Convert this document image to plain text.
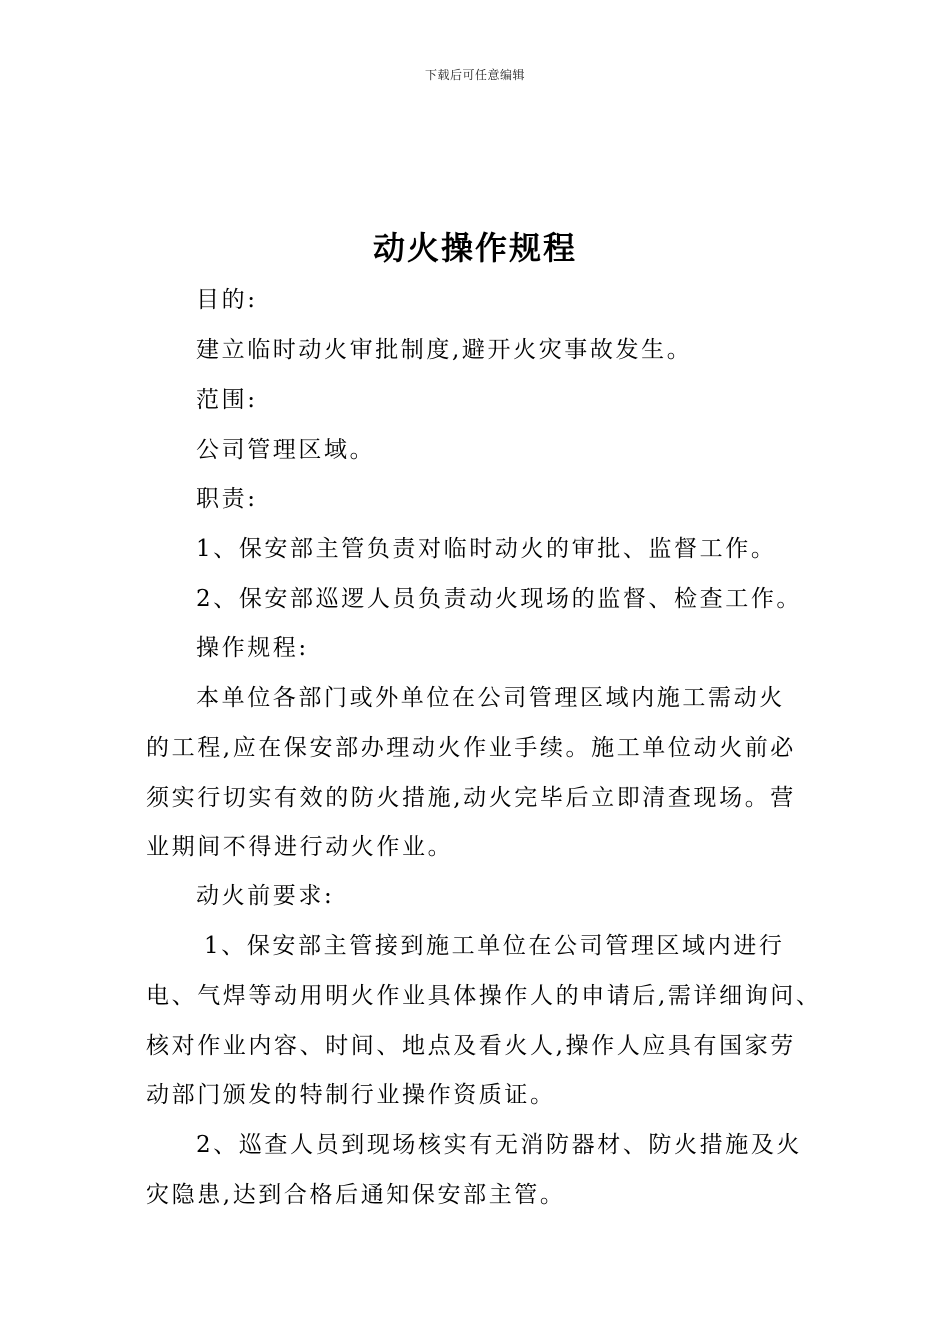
下载后可任意编辑
动火操作规程
目的:
建立临时动火审批制度,避开火灾事故发生。
范围:
公司管理区域。
职责:
1、保安部主管负责对临时动火的审批、监督工作。
2、保安部巡逻人员负责动火现场的监督、检查工作。
操作规程:
本单位各部门或外单位在公司管理区域内施工需动火
的工程,应在保安部办理动火作业手续。施工单位动火前必
须实行切实有效的防火措施,动火完毕后立即清查现场。营
业期间不得进行动火作业。
动火前要求:
1、保安部主管接到施工单位在公司管理区域内进行
电、气焊等动用明火作业具体操作人的申请后,需详细询问、
核对作业内容、时间、地点及看火人,操作人应具有国家劳
动部门颁发的特制行业操作资质证。
2、巡查人员到现场核实有无消防器材、防火措施及火
灾隐患,达到合格后通知保安部主管。
